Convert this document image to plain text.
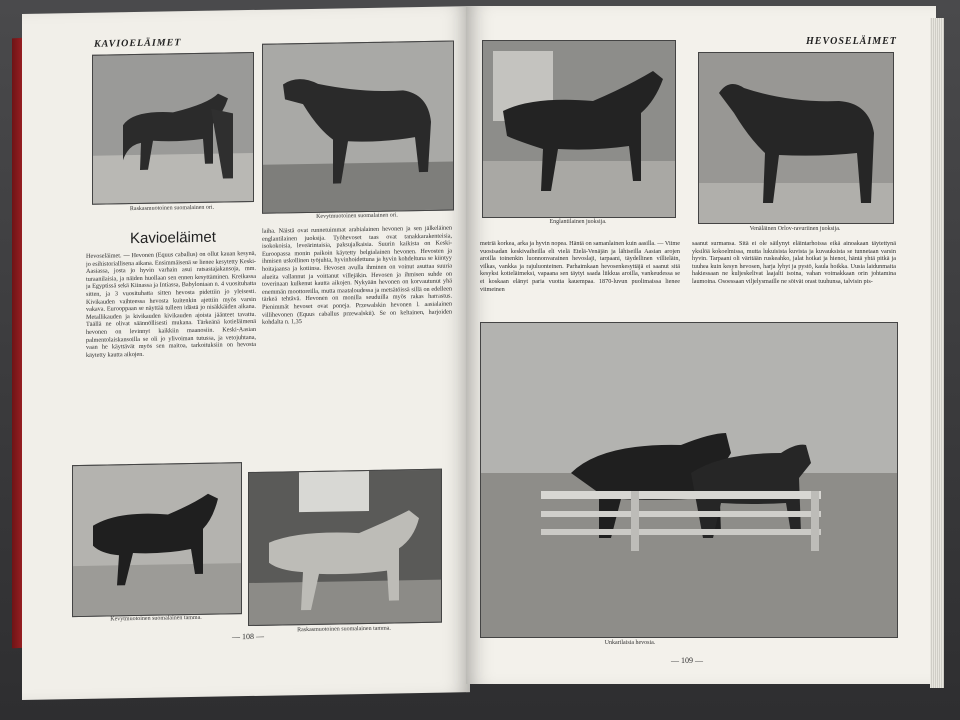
KAVIOELÄIMET
Raskasmuotoinen suomalainen ori.
Kevytmuotoinen suomalainen ori.
Kavioeläimet
Hevoseläimet. — Hevonen (Equus caballus) on ollut kauan kesynä, jo esihistoriallisena aikana. Ensimmäisenä se lienee kesytetty Keski-Aasiassa, josta jo hyvin varhain asui ratsastajakansoja, mm. turaanilaisia, ja näiden huollaan sen ennen kesyttäminen. Kreikassa ja Egyptissä sekä Kiinassa ja Intiassa, Babyloniaan n. 4 vuosituhatta sitten, ja 3 vuosituhatta sitten hevosta pidettiin jo yleisesti. Kivikauden vaihteessa hevosta kuitenkin ajettiin myös varsin vakava. Eurooppaan se näyttää tulleen idästä jo nisäkkäiden aikana. Metallikauden ja kivikauden kivikauden ajoista jäänteet tavattu. Täällä ne olivat säännöllisesti mukana. Tärkeänä kotieläimenä hevonen on levinnyt kaikkiin maanosiin. Keski-Aasian palmentolaiskansoilla se oli jo ylivoiman tutussa, ja vetojuhtana, vaan he käyttävät myös sen maitoa, tarkoituksiin on hevosta käytetty kautta aikojen.
laiha. Näistä ovat runnetuimmat arabialainen hevonen ja sen jälkeläinen englantilainen juoksija. Työhevoset taas ovat tanakkarakenteisia, isokokoisia, leveärintaisia, paksujalkaisia. Suurin kaikista on Keski-Euroopassa monin paikoin käytetty belgialainen hevonen. Hevosten ja ihmisen uskollinen työjuhta, hyvinhoidettuna ja hyvin kohdeltuna se kiintyy hoitajaansa ja kotiinsa. Hevosen avulla ihminen on voinut asuttaa suuria alueita vallannut ja voittanut villejäkin. Hevosen ja ihmisen suhde on toverinaan kulkenut kautta aikojen. Nykyään hevonen on korvautunut yhä enemmän moottoreilla, mutta maataloudessa ja metsätöissä sillä on edelleen tärkeä tehtävä. Hevonen on monilla seuduilla myös rakas harrastus. Pienimmät hevoset ovat poneja. Przewalskin hevonen l. aasialainen villihevonen (Equus caballus przewalskii). Se on keltainen, harjoiden kohdalta n. 1,35
Kevytmuotoinen suomalainen tamma.
Raskasmuotoinen suomalainen tamma.
— 108 —
HEVOSELÄIMET
Englantilainen juoksija.
Venäläinen Orlov-ravuriinen juoksija.
metriä korkea, arka ja hyvin nopea. Häntä on samanlainen kuin aasilla. — Viime vuosisadan keskivaiheilla eli vielä Etelä-Venäjän ja lähiseilla Aasian arojen aroilla toinenkin luonnonvarainen hevoslaji, tarpaani, täydellinen villieläin, vilkas, vankka ja rajuluonteinen. Parhaimkaan hevosenkesyttäjä ei saanut sitä kesyksi kotieläimeksi, vapaana sen täytyi saada liikkua aroilla, vankeudessa se ei koskaan elänyt paria vuotta kauempaa. 1870-luvun puolimaissa lienee viimeinen
saanut surmansa. Sitä ei ole säilynyt eläintarhoissa eikä ainoakaan täytettynä yksilöä kokoelmissa, mutta lukuisista kuvista ja kuvauksista se tunnetaan varsin hyvin. Tarpaani oli väritään ruskeahko, jalat hoikat ja hienot, häntä yhtä pitkä ja tuuhea kuin kesyn hevosen, harja lyhyt ja pystö, kaula hoikka. Uusia laidunmaita hakiessaan ne kuljeskelivat laajalti isoina, vahan voimakkaan orin johtamina laumoina. Osoessaan viljelysmaille ne söivät orast tuuhunsa, talvisin pis-
Unkarilaisia hevosia.
— 109 —
